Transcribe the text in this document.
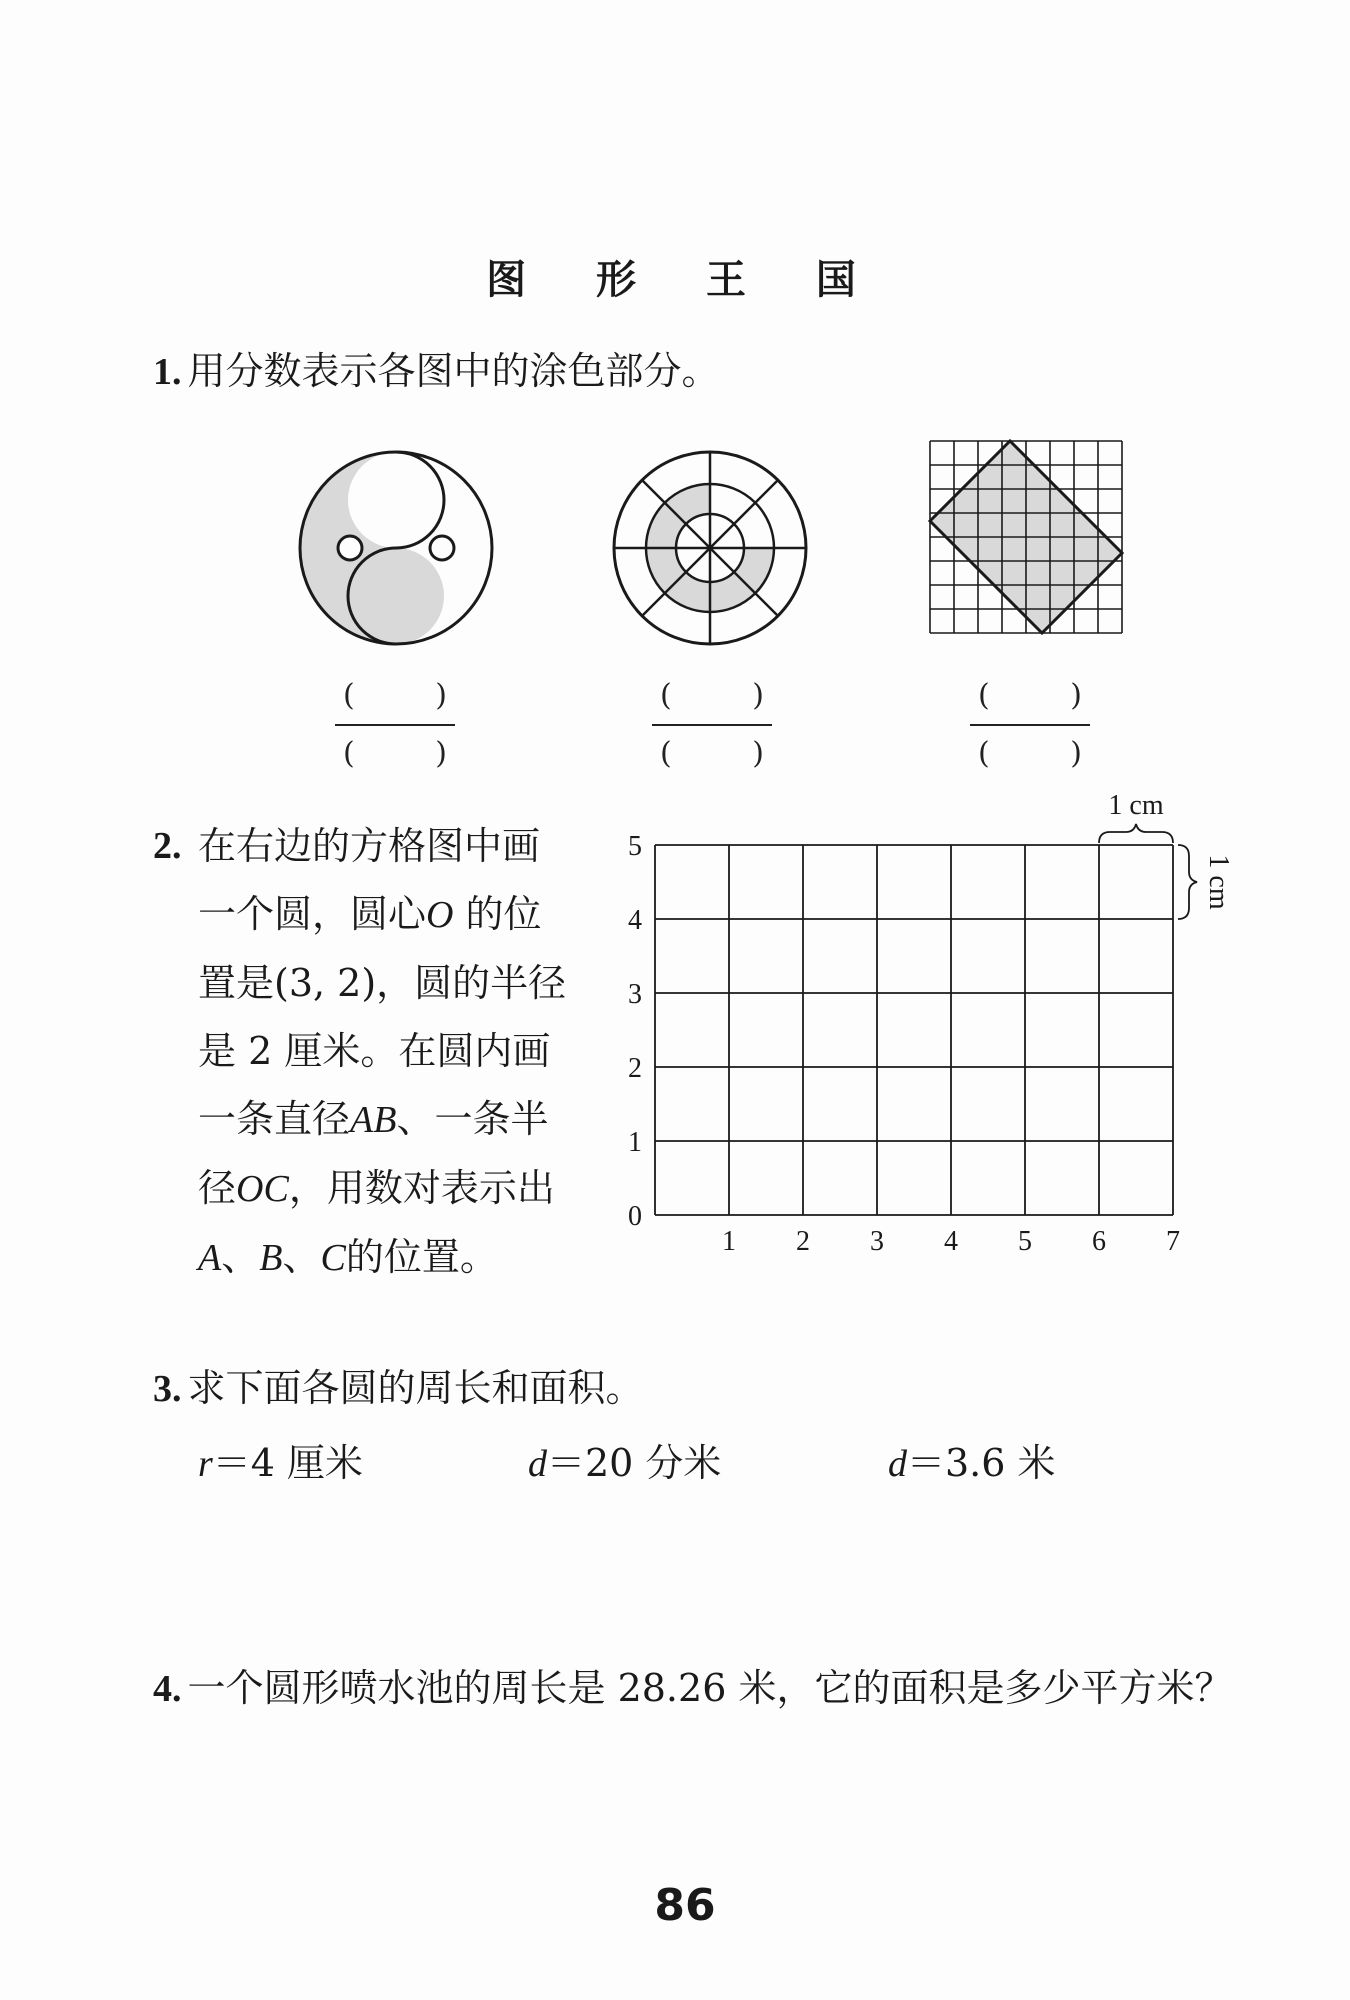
图 形 王 国
1. 用分数表示各图中的涂色部分。
(	)
(	)
(	)
(	)
(	)
(	)
2. 在右边的方格图中画
一个圆，圆心O 的位
置是(3, 2)，圆的半径
是 2 厘米。在圆内画
一条直径AB、一条半
径OC，用数对表示出
A、B、C的位置。
0
1
2
3
4
5
1 2 3 4 5 6 7
1 cm
1 cm
3. 求下面各圆的周长和面积。
r＝4 厘米	d＝20 分米	d＝3.6 米
4. 一个圆形喷水池的周长是 28.26 米，它的面积是多少平方米？
86
